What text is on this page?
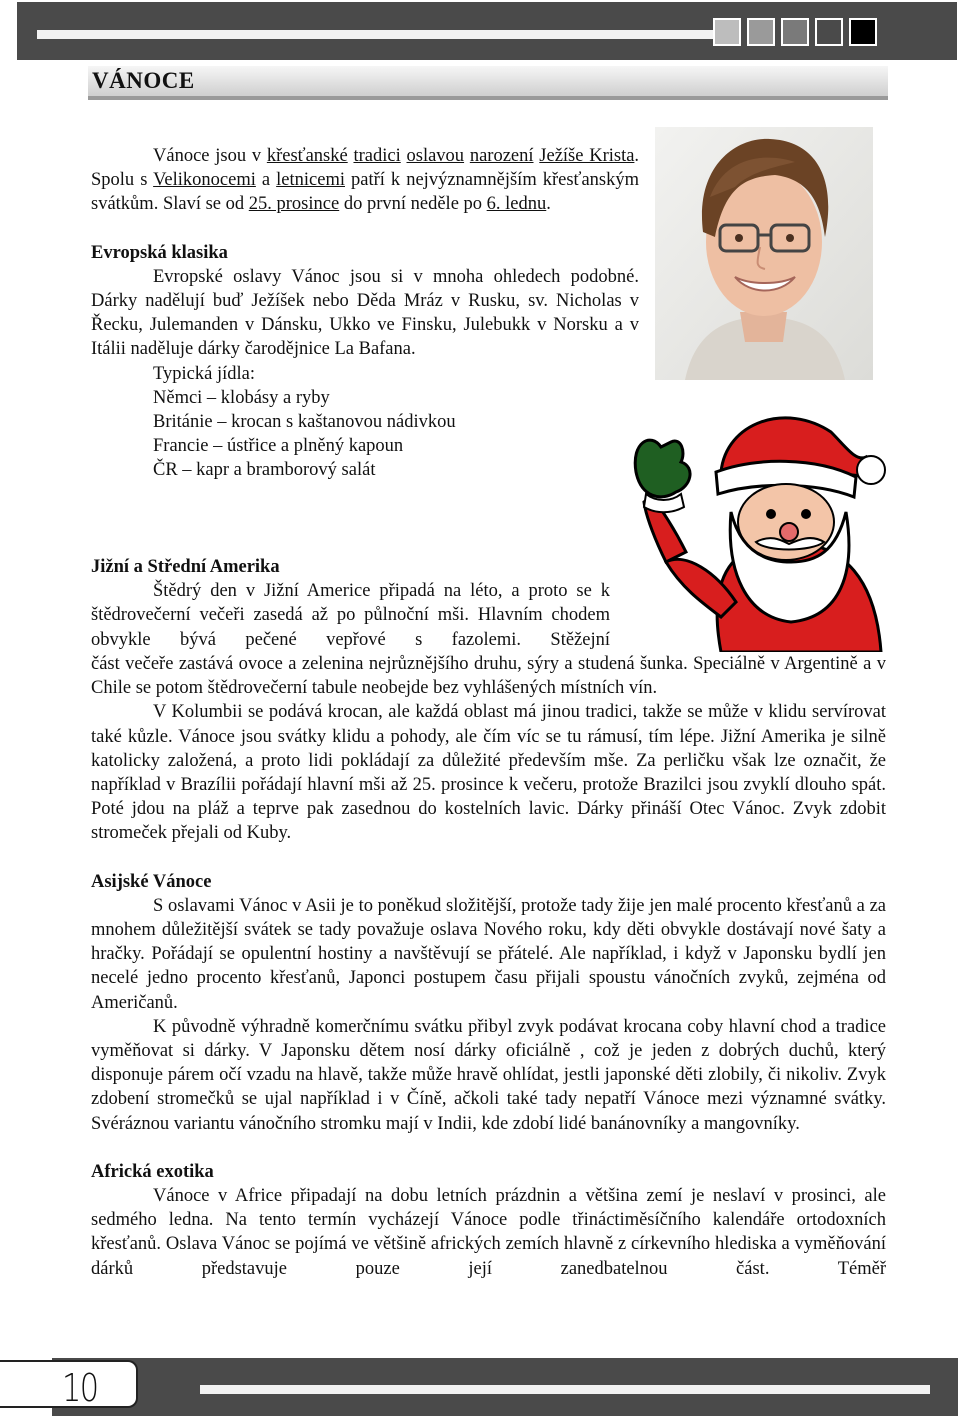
VÁNOCE

Vánoce jsou v křesťanské tradici oslavou narození Ježíše Krista. Spolu s Velikonocemi a letnicemi patří k nejvýznamnějším křesťanským svátkům. Slaví se od 25. prosince do první neděle po 6. lednu.

Evropská klasika

Evropské oslavy Vánoc jsou si v mnoha ohledech podobné. Dárky nadělují buď Ježíšek nebo Děda Mráz v Rusku, sv. Nicholas v Řecku, Julemanden v Dánsku, Ukko ve Finsku, Julebukk v Norsku a v Itálii naděluje dárky čarodějnice La Bafana.

Typická jídla:

Němci – klobásy a ryby

Británie – krocan s kaštanovou nádivkou

Francie – ústřice a plněný kapoun

ČR – kapr a bramborový salát

Jižní a Střední Amerika

Štědrý den v Jižní Americe připadá na léto, a proto se k štědrovečerní večeři zasedá až po půlnoční mši. Hlavním chodem obvykle bývá pečené vepřové s fazolemi. Stěžejní

část večeře zastává ovoce a zelenina nejrůznějšího druhu, sýry a studená šunka. Speciálně v Argentině a v Chile se potom štědrovečerní tabule neobejde bez vyhlášených místních vín.

V Kolumbii se podává krocan, ale každá oblast má jinou tradici, takže se může v klidu servírovat také kůzle. Vánoce jsou svátky klidu a pohody, ale čím víc se tu rámusí, tím lépe. Jižní Amerika je silně katolicky založená, a proto lidi pokládají za důležité především mše. Za perličku však lze označit, že například v Brazílii pořádají hlavní mši až 25. prosince k večeru, protože Brazilci jsou zvyklí dlouho spát. Poté jdou na pláž a teprve pak zasednou do kostelních lavic. Dárky přináší Otec Vánoc. Zvyk zdobit stromeček přejali od Kuby.

Asijské Vánoce

S oslavami Vánoc v Asii je to poněkud složitější, protože tady žije jen malé procento křesťanů a za mnohem důležitější svátek se tady považuje oslava Nového roku, kdy děti obvykle dostávají nové šaty a hračky. Pořádají se opulentní hostiny a navštěvují se přátelé. Ale například, i když v Japonsku bydlí jen necelé jedno procento křesťanů, Japonci postupem času přijali spoustu vánočních zvyků, zejména od Američanů.

K původně výhradně komerčnímu svátku přibyl zvyk podávat krocana coby hlavní chod a tradice vyměňovat si dárky. V Japonsku dětem nosí dárky oficiálně , což je jeden z dobrých duchů, který disponuje párem očí vzadu na hlavě, takže může hravě ohlídat, jestli japonské děti zlobily, či nikoliv. Zvyk zdobení stromečků se ujal například i v Číně, ačkoli také tady nepatří Vánoce mezi významné svátky. Svéráznou variantu vánočního stromku mají v Indii, kde zdobí lidé banánovníky a mangovníky.

Africká exotika

Vánoce v Africe připadají na dobu letních prázdnin a většina zemí je neslaví v prosinci, ale sedmého ledna. Na tento termín vycházejí Vánoce podle třináctiměsíčního kalendáře ortodoxních křesťanů. Oslava Vánoc se pojímá ve většině afrických zemích hlavně z církevního hlediska a vyměňování dárků představuje pouze její zanedbatelnou část. Téměř

10
